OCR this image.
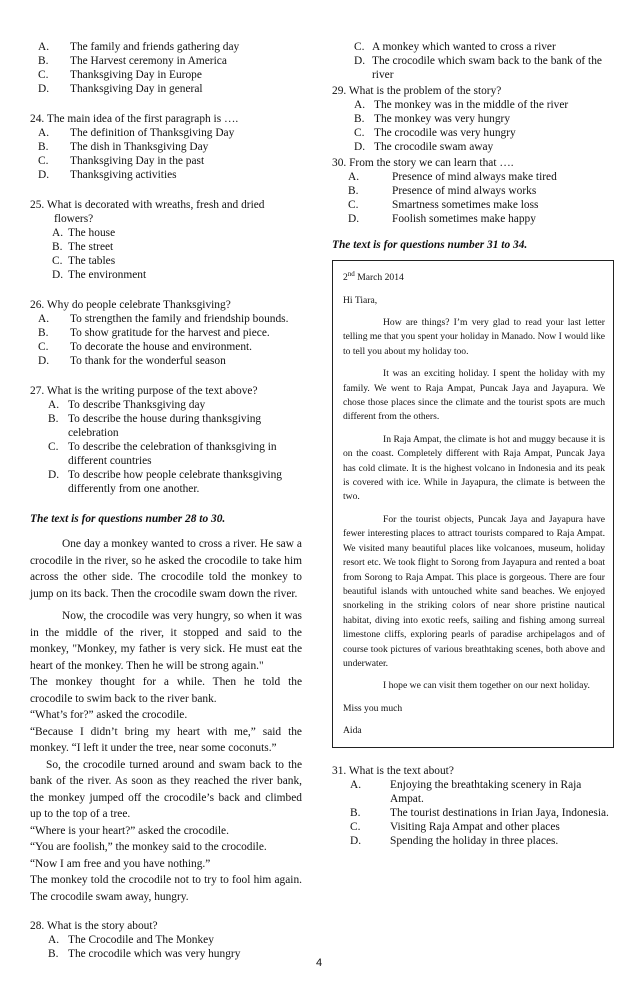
A. The family and friends gathering day
B. The Harvest ceremony in America
C. Thanksgiving Day in Europe
D. Thanksgiving Day in general
24. The main idea of the first paragraph is ….
A. The definition of Thanksgiving Day
B. The dish in Thanksgiving Day
C. Thanksgiving Day in the past
D. Thanksgiving activities
25. What is decorated with wreaths, fresh and dried
flowers?
A. The house
B. The street
C. The tables
D. The environment
26. Why do people celebrate Thanksgiving?
A. To strengthen the family and friendship bounds.
B. To show gratitude for the harvest and piece.
C. To decorate the house and environment.
D. To thank for the wonderful season
27. What is the writing purpose of the text above?
A. To describe Thanksgiving day
B. To describe the house during thanksgiving celebration
C. To describe the celebration of thanksgiving in different countries
D. To describe how people celebrate thanksgiving differently from one another.
The text is for questions number 28 to 30.

One day a monkey wanted to cross a river. He saw a crocodile in the river, so he asked the crocodile to take him across the other side. The crocodile told the monkey to jump on its back. Then the crocodile swam down the river.

Now, the crocodile was very hungry, so when it was in the middle of the river, it stopped and said to the monkey, "Monkey, my father is very sick. He must eat the heart of the monkey. Then he will be strong again."

The monkey thought for a while. Then he told the crocodile to swim back to the river bank.

“What’s for?” asked the crocodile.

“Because I didn’t bring my heart with me,” said the monkey. “I left it under the tree, near some coconuts.”

So, the crocodile turned around and swam back to the bank of the river. As soon as they reached the river bank, the monkey jumped off the crocodile’s back and climbed up to the top of a tree.

“Where is your heart?” asked the crocodile.

“You are foolish,” the monkey said to the crocodile.

“Now I am free and you have nothing.”

The monkey told the crocodile not to try to fool him again. The crocodile swam away, hungry.

28. What is the story about?
A. The Crocodile and The Monkey
B. The crocodile which was very hungry
C. A monkey which wanted to cross a river
D. The crocodile which swam back to the bank of the river
29. What is the problem of the story?
A. The monkey was in the middle of the river
B. The monkey was very hungry
C. The crocodile was very hungry
D. The crocodile swam away
30. From the story we can learn that ….
A.	Presence of mind always make tired
B.	Presence of mind always works
C.	Smartness sometimes make loss
D.	Foolish sometimes make happy
The text is for questions number 31 to 34.

2nd March 2014

Hi Tiara,

How are things? I’m very glad to read your last letter telling me that you spent your holiday in Manado. Now I would like to tell you about my holiday too.

It was an exciting holiday. I spent the holiday with my family. We went to Raja Ampat, Puncak Jaya and Jayapura. We chose those places since the climate and the tourist spots are much different from the others.

In Raja Ampat, the climate is hot and muggy because it is on the coast. Completely different with Raja Ampat, Puncak Jaya has cold climate. It is the highest volcano in Indonesia and its peak is covered with ice. While in Jayapura, the climate is between the two.

For the tourist objects, Puncak Jaya and Jayapura have fewer interesting places to attract tourists compared to Raja Ampat. We visited many beautiful places like volcanoes, museum, holiday resort etc. We took flight to Sorong from Jayapura and rented a boat from Sorong to Raja Ampat. This place is gorgeous. There are four beautiful islands with untouched white sand beaches. We enjoyed snorkeling in the striking colors of near shore pristine nautical habitat, diving into exotic reefs, sailing and fishing among surreal limestone cliffs, exploring pearls of paradise archipelagos and of course took pictures of various breathtaking scenes, both above and underwater.

I hope we can visit them together on our next holiday.

Miss you much

Aida

31. What is the text about?
A.	Enjoying the breathtaking scenery in Raja Ampat.
B.	The tourist destinations in Irian Jaya, Indonesia.
C.	Visiting Raja Ampat and other places
D.	Spending the holiday in three places.
4
